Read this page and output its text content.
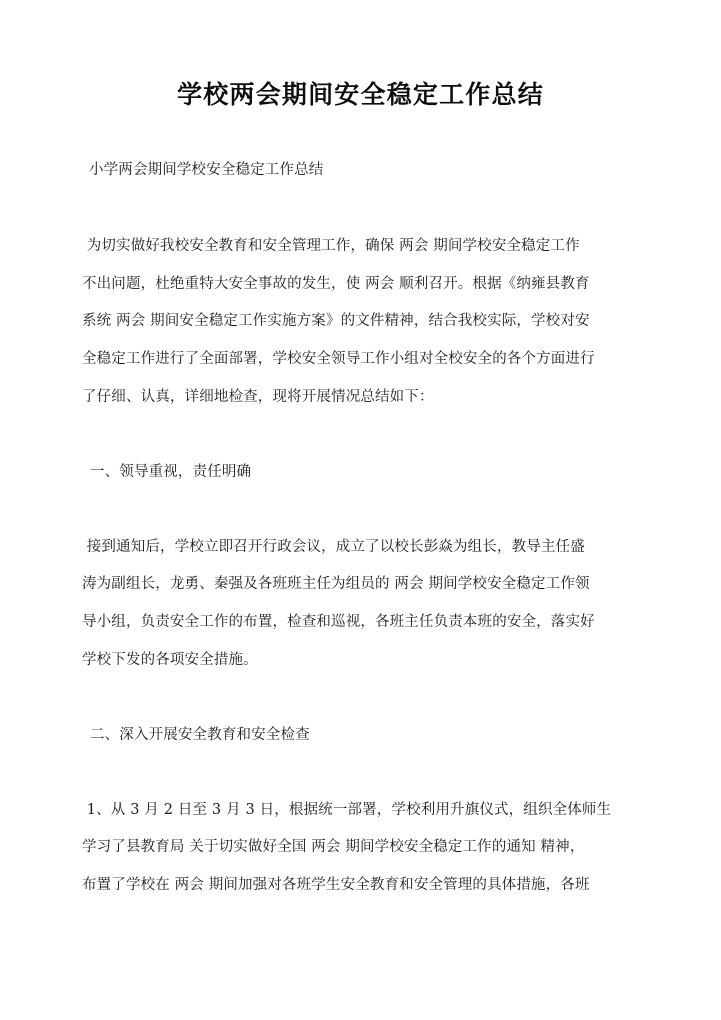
学校两会期间安全稳定工作总结

小学两会期间学校安全稳定工作总结

为切实做好我校安全教育和安全管理工作，确保 两会 期间学校安全稳定工作
不出问题，杜绝重特大安全事故的发生，使 两会 顺利召开。根据《纳雍县教育
系统 两会 期间安全稳定工作实施方案》的文件精神，结合我校实际，学校对安
全稳定工作进行了全面部署，学校安全领导工作小组对全校安全的各个方面进行
了仔细、认真，详细地检查，现将开展情况总结如下：

一、领导重视，责任明确

接到通知后，学校立即召开行政会议，成立了以校长彭焱为组长，教导主任盛
涛为副组长，龙勇、秦强及各班班主任为组员的 两会 期间学校安全稳定工作领
导小组，负责安全工作的布置，检查和巡视，各班主任负责本班的安全，落实好
学校下发的各项安全措施。

二、深入开展安全教育和安全检查

1、从 3 月 2 日至 3 月 3 日，根据统一部署，学校利用升旗仪式，组织全体师生
学习了县教育局 关于切实做好全国 两会 期间学校安全稳定工作的通知 精神，
布置了学校在 两会 期间加强对各班学生安全教育和安全管理的具体措施，各班
